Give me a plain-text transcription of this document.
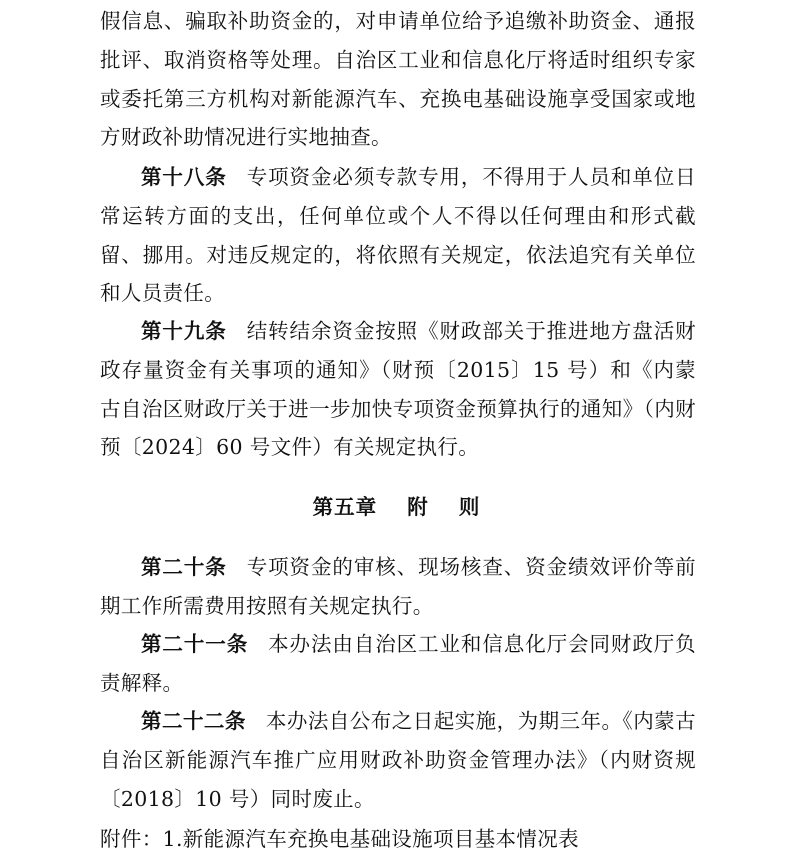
假信息、骗取补助资金的，对申请单位给予追缴补助资金、通报批评、取消资格等处理。自治区工业和信息化厅将适时组织专家或委托第三方机构对新能源汽车、充换电基础设施享受国家或地方财政补助情况进行实地抽查。

第十八条 专项资金必须专款专用，不得用于人员和单位日常运转方面的支出，任何单位或个人不得以任何理由和形式截留、挪用。对违反规定的，将依照有关规定，依法追究有关单位和人员责任。

第十九条 结转结余资金按照《财政部关于推进地方盘活财政存量资金有关事项的通知》（财预〔2015〕15 号）和《内蒙古自治区财政厅关于进一步加快专项资金预算执行的通知》（内财预〔2024〕60 号文件）有关规定执行。

第五章 附 则

第二十条 专项资金的审核、现场核查、资金绩效评价等前期工作所需费用按照有关规定执行。

第二十一条 本办法由自治区工业和信息化厅会同财政厅负责解释。

第二十二条 本办法自公布之日起实施，为期三年。《内蒙古自治区新能源汽车推广应用财政补助资金管理办法》（内财资规〔2018〕10 号）同时废止。

附件：1.新能源汽车充换电基础设施项目基本情况表
